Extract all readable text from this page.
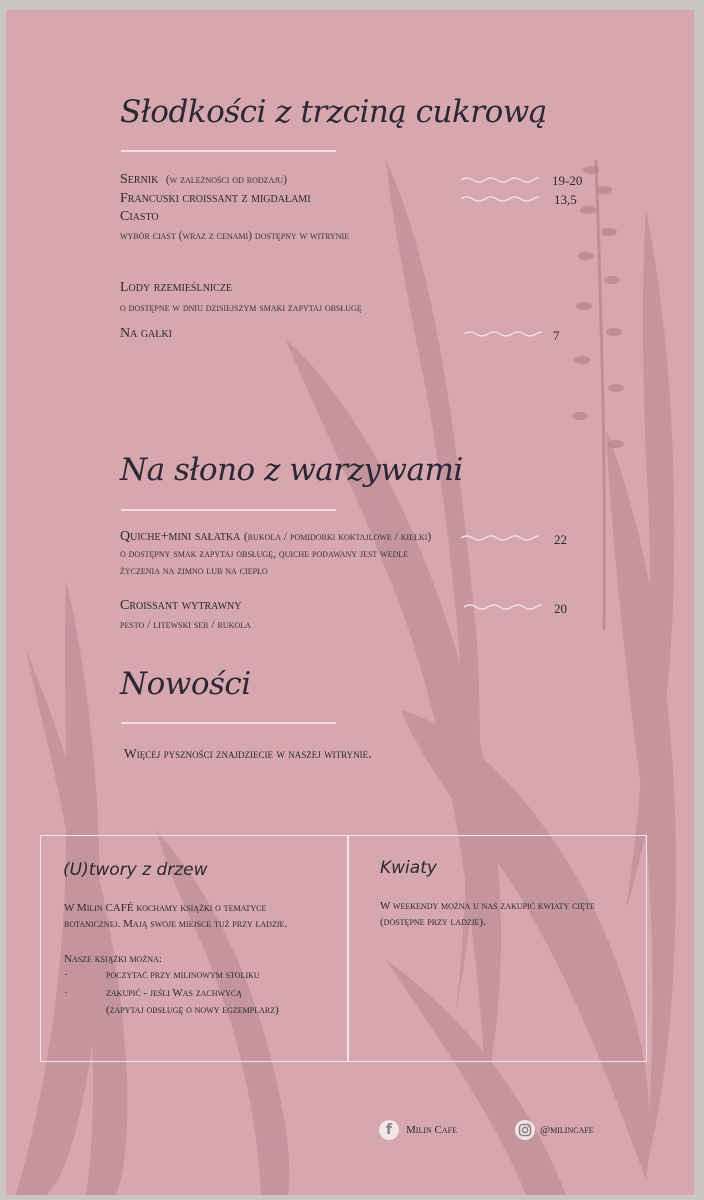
Słodkości z trzciną cukrową
Sernik (w zależności od rodzaju)	19-20
Francuski croissant z migdałami	13,5
Ciasto
wybór ciast (wraz z cenami) dostępny w witrynie
Lody rzemieślnicze
o dostępne w dniu dzisiejszym smaki zapytaj obsługę
Na gałki	7
Na słono z warzywami
Quiche+mini sałatka (rukola / pomidorki koktajlowe / kiełki)	22
o dostępny smak zapytaj obsługę, quiche podawany jest wedle
życzenia na zimno lub na ciepło
Croissant wytrawny	20
pesto / litewski ser / rukola
Nowości
Więcej pyszności znajdziecie w naszej witrynie.
(U)twory z drzew
W Milin CAFÉ kochamy książki o tematyce
botanicznej. Mają swoje miejsce tuż przy ladzie.
Nasze książki można:
·	poczytać przy milinowym stoliku
·	zakupić - jeśli Was zachwycą
(zapytaj obsługę o nowy egzemplarz)
Kwiaty
W weekendy można u nas zakupić kwiaty cięte
(dostępne przy ladzie).
f Milin Cafe	@milincafe
